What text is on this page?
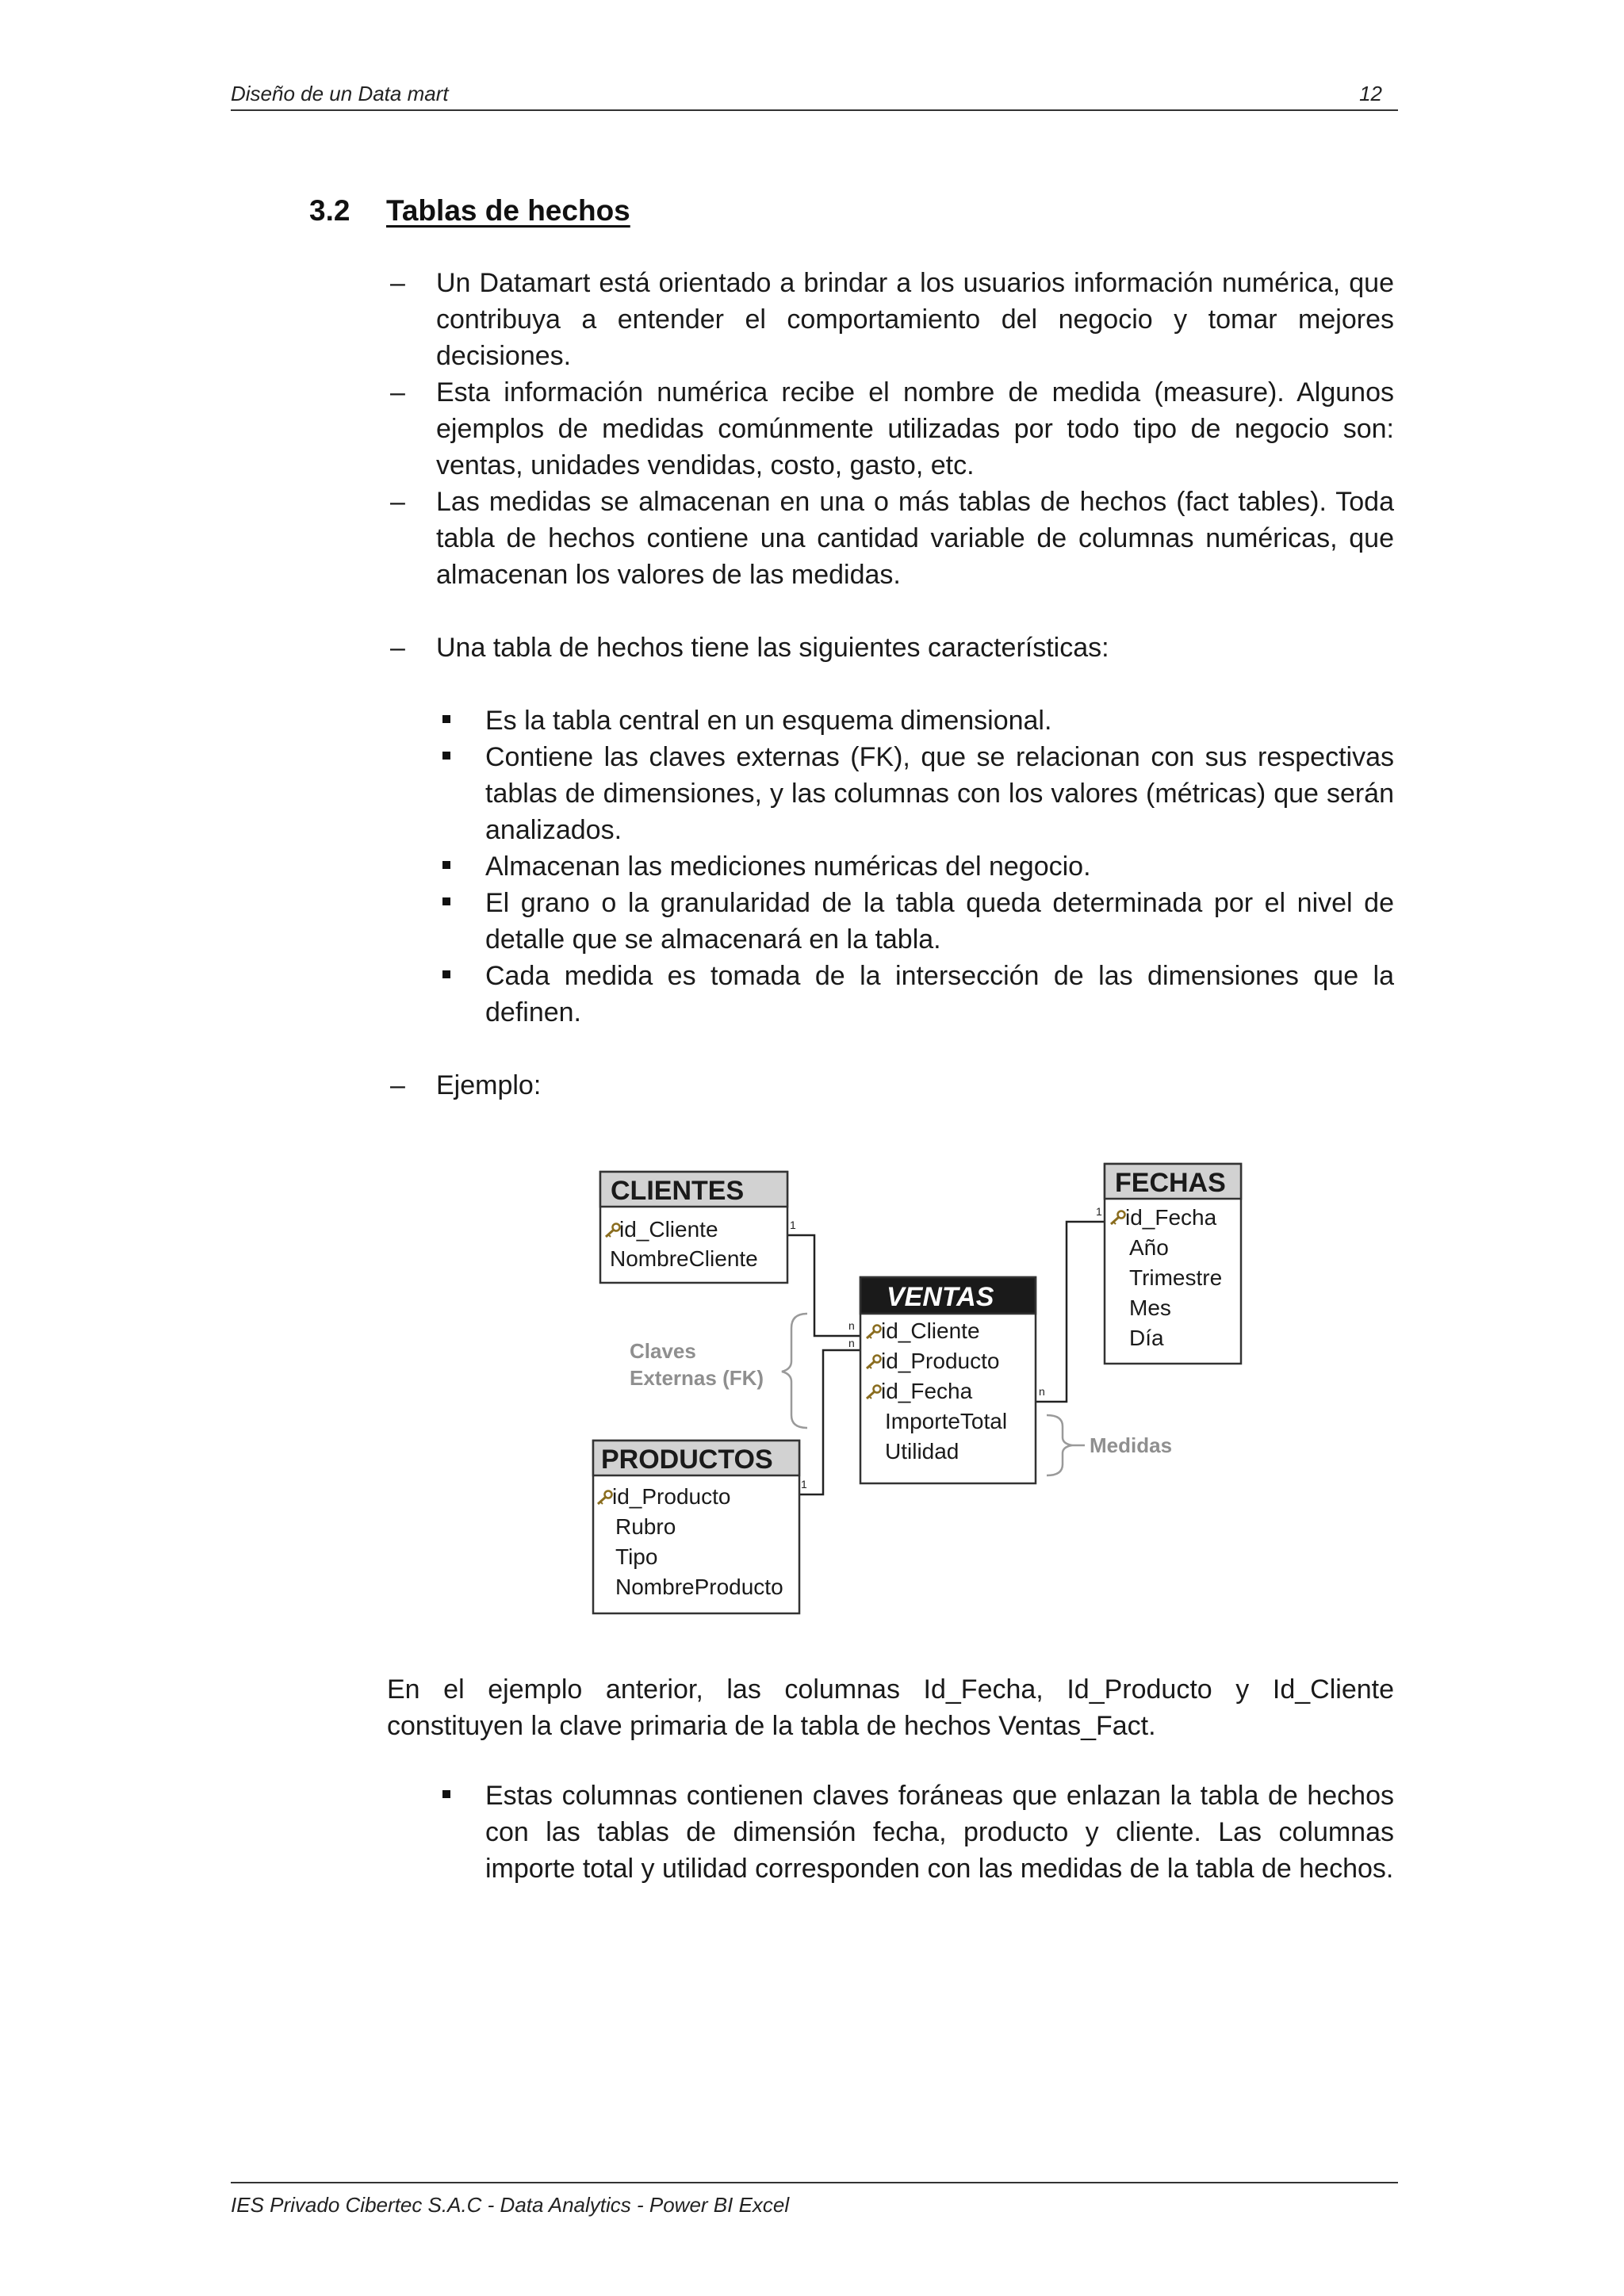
Diseño de un Data mart	12
3.2 Tablas de hechos
– Un Datamart está orientado a brindar a los usuarios información numérica, que contribuya a entender el comportamiento del negocio y tomar mejores decisiones.
– Esta información numérica recibe el nombre de medida (measure). Algunos ejemplos de medidas comúnmente utilizadas por todo tipo de negocio son: ventas, unidades vendidas, costo, gasto, etc.
– Las medidas se almacenan en una o más tablas de hechos (fact tables). Toda tabla de hechos contiene una cantidad variable de columnas numéricas, que almacenan los valores de las medidas.
– Una tabla de hechos tiene las siguientes características:
Es la tabla central en un esquema dimensional.
Contiene las claves externas (FK), que se relacionan con sus respectivas tablas de dimensiones, y las columnas con los valores (métricas) que serán analizados.
Almacenan las mediciones numéricas del negocio.
El grano o la granularidad de la tabla queda determinada por el nivel de detalle que se almacenará en la tabla.
Cada medida es tomada de la intersección de las dimensiones que la definen.
– Ejemplo:
1
n
n
1
n
1
CLIENTES
id_Cliente
NombreCliente
FECHAS
id_Fecha
Año
Trimestre
Mes
Día
VENTAS
id_Cliente
id_Producto
id_Fecha
ImporteTotal
Utilidad
PRODUCTOS
id_Producto
Rubro
Tipo
NombreProducto
Claves
Externas (FK)
Medidas

En el ejemplo anterior, las columnas Id_Fecha, Id_Producto y Id_Cliente constituyen la clave primaria de la tabla de hechos Ventas_Fact.

Estas columnas contienen claves foráneas que enlazan la tabla de hechos con las tablas de dimensión fecha, producto y cliente. Las columnas importe total y utilidad corresponden con las medidas de la tabla de hechos.
IES Privado Cibertec S.A.C - Data Analytics - Power BI Excel
